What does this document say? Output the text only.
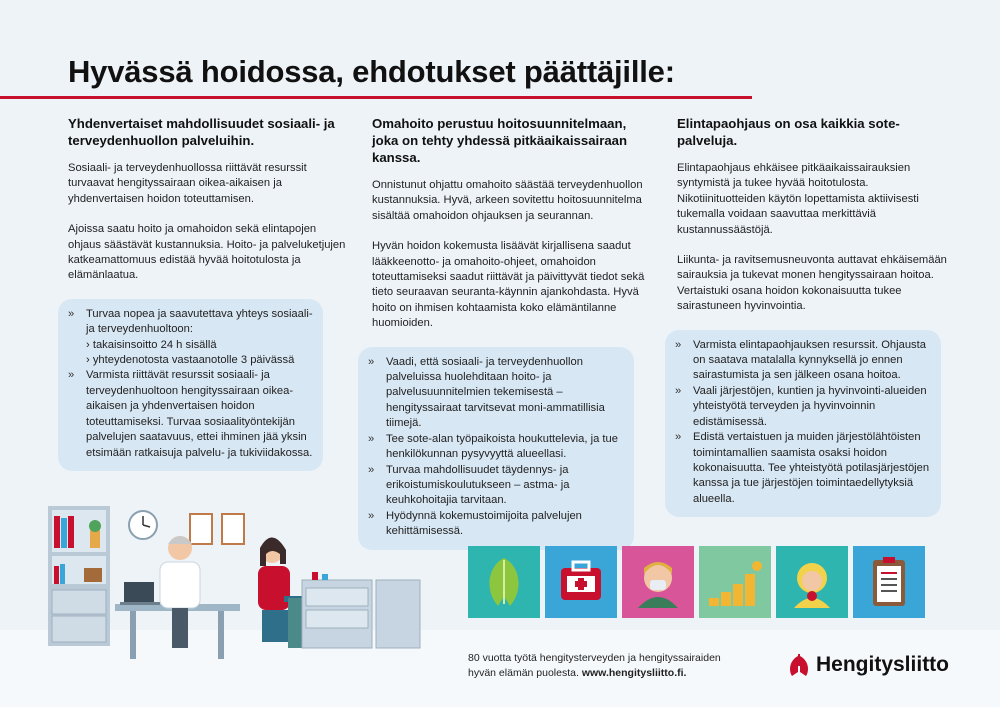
Hyvässä hoidossa, ehdotukset päättäjille:
Yhdenvertaiset mahdollisuudet sosiaali- ja terveydenhuollon palveluihin.

Sosiaali- ja terveydenhuollossa riittävät resurssit turvaavat hengityssairaan oikea-aikaisen ja yhdenvertaisen hoidon toteuttamisen.

Ajoissa saatu hoito ja omahoidon sekä elintapojen ohjaus säästävät kustannuksia. Hoito- ja palveluketjujen katkeamattomuus edistää hyvää hoitotulosta ja elämänlaatua.

» Turvaa nopea ja saavutettava yhteys sosiaali- ja terveydenhuoltoon:
› takaisinsoitto 24 h sisällä
› yhteydenotosta vastaanotolle 3 päivässä
» Varmista riittävät resurssit sosiaali- ja terveydenhuoltoon hengityssairaan oikea-aikaisen ja yhdenvertaisen hoidon toteuttamiseksi. Turvaa sosiaalityöntekijän palvelujen saatavuus, ettei ihminen jää yksin etsimään ratkaisuja palvelu- ja tukiviidakossa.
Omahoito perustuu hoitosuunnitelmaan, joka on tehty yhdessä pitkäaikaissairaan kanssa.

Onnistunut ohjattu omahoito säästää terveydenhuollon kustannuksia. Hyvä, arkeen sovitettu hoitosuunnitelma sisältää omahoidon ohjauksen ja seurannan.

Hyvän hoidon kokemusta lisäävät kirjallisena saadut lääkkeenotto- ja omahoito-ohjeet, omahoidon toteuttamiseksi saadut riittävät ja päivittyvät tiedot sekä tieto seuraavan seuranta-käynnin ajankohdasta. Hyvä hoito on ihmisen kohtaamista koko elämäntilanne huomioiden.

» Vaadi, että sosiaali- ja terveydenhuollon palveluissa huolehditaan hoito- ja palvelusuunnitelmien tekemisestä – hengityssairaat tarvitsevat moni-ammatillisia tiimejä.
» Tee sote-alan työpaikoista houkuttelevia, ja tue henkilökunnan pysyvyyttä alueellasi.
» Turvaa mahdollisuudet täydennys- ja erikoistumiskoulutukseen – astma- ja keuhkohoitajia tarvitaan.
» Hyödynnä kokemustoimijoita palvelujen kehittämisessä.
Elintapaohjaus on osa kaikkia sote-palveluja.

Elintapaohjaus ehkäisee pitkäaikaissairauksien syntymistä ja tukee hyvää hoitotulosta. Nikotiinituotteiden käytön lopettamista aktiivisesti tukemalla voidaan saavuttaa merkittäviä kustannussäästöjä.

Liikunta- ja ravitsemusneuvonta auttavat ehkäisemään sairauksia ja tukevat monen hengityssairaan hoitoa. Vertaistuki osana hoidon kokonaisuutta tukee sairastuneen hyvinvointia.

» Varmista elintapaohjauksen resurssit. Ohjausta on saatava matalalla kynnyksellä jo ennen sairastumista ja sen jälkeen osana hoitoa.
» Vaali järjestöjen, kuntien ja hyvinvointi-alueiden yhteistyötä terveyden ja hyvinvoinnin edistämisessä.
» Edistä vertaistuen ja muiden järjestölähtöisten toimintamallien saamista osaksi hoidon kokonaisuutta. Tee yhteistyötä potilasjärjestöjen kanssa ja tue järjestöjen toimintaedellytyksiä alueella.
80 vuotta työtä hengitysterveyden ja hengityssairaiden
hyvän elämän puolesta. www.hengitysliitto.fi.	Hengitysliitto
